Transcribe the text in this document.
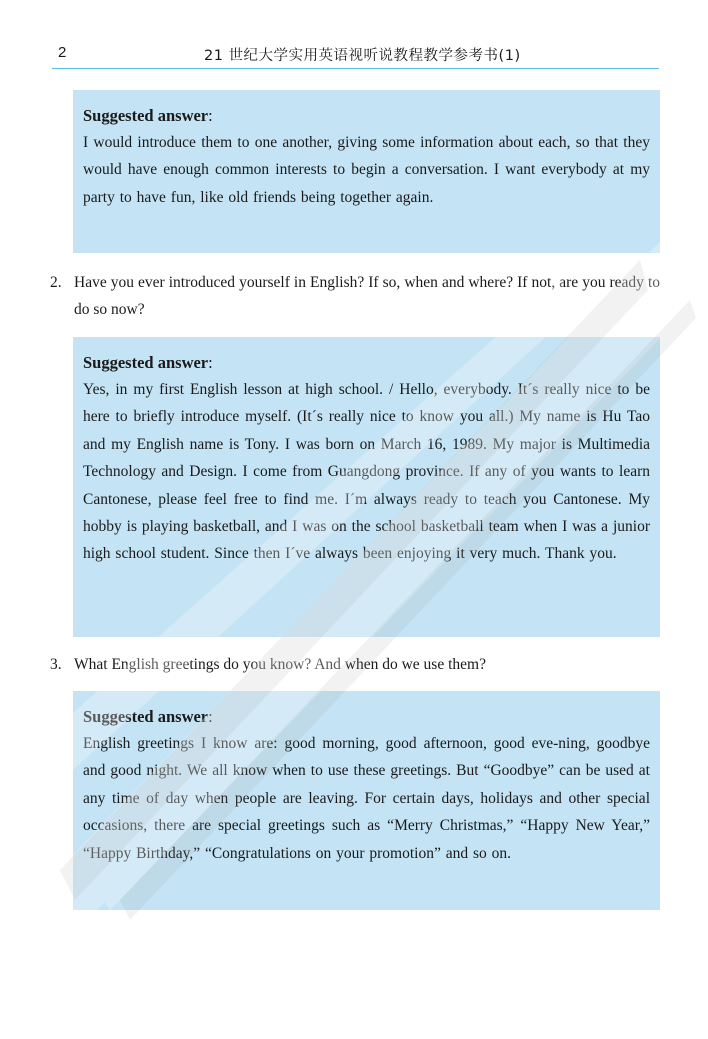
2	21 世纪大学实用英语视听说教程教学参考书(1)
Suggested answer:
I would introduce them to one another, giving some information about each, so that they would have enough common interests to begin a conversation. I want everybody at my party to have fun, like old friends being together again.
2. Have you ever introduced yourself in English? If so, when and where? If not, are you ready to do so now?
Suggested answer:
Yes, in my first English lesson at high school. / Hello, everybody. It´s really nice to be here to briefly introduce myself. (It´s really nice to know you all.) My name is Hu Tao and my English name is Tony. I was born on March 16, 1989. My major is Multimedia Technology and Design. I come from Guangdong province. If any of you wants to learn Cantonese, please feel free to find me. I´m always ready to teach you Cantonese. My hobby is playing basketball, and I was on the school basketball team when I was a junior high school student. Since then I´ve always been enjoying it very much. Thank you.
3. What English greetings do you know? And when do we use them?
Suggested answer:
English greetings I know are: good morning, good afternoon, good eve-ning, goodbye and good night. We all know when to use these greetings. But “Goodbye” can be used at any time of day when people are leaving. For certain days, holidays and other special occasions, there are special greetings such as “Merry Christmas,” “Happy New Year,” “Happy Birthday,” “Congratulations on your promotion” and so on.
